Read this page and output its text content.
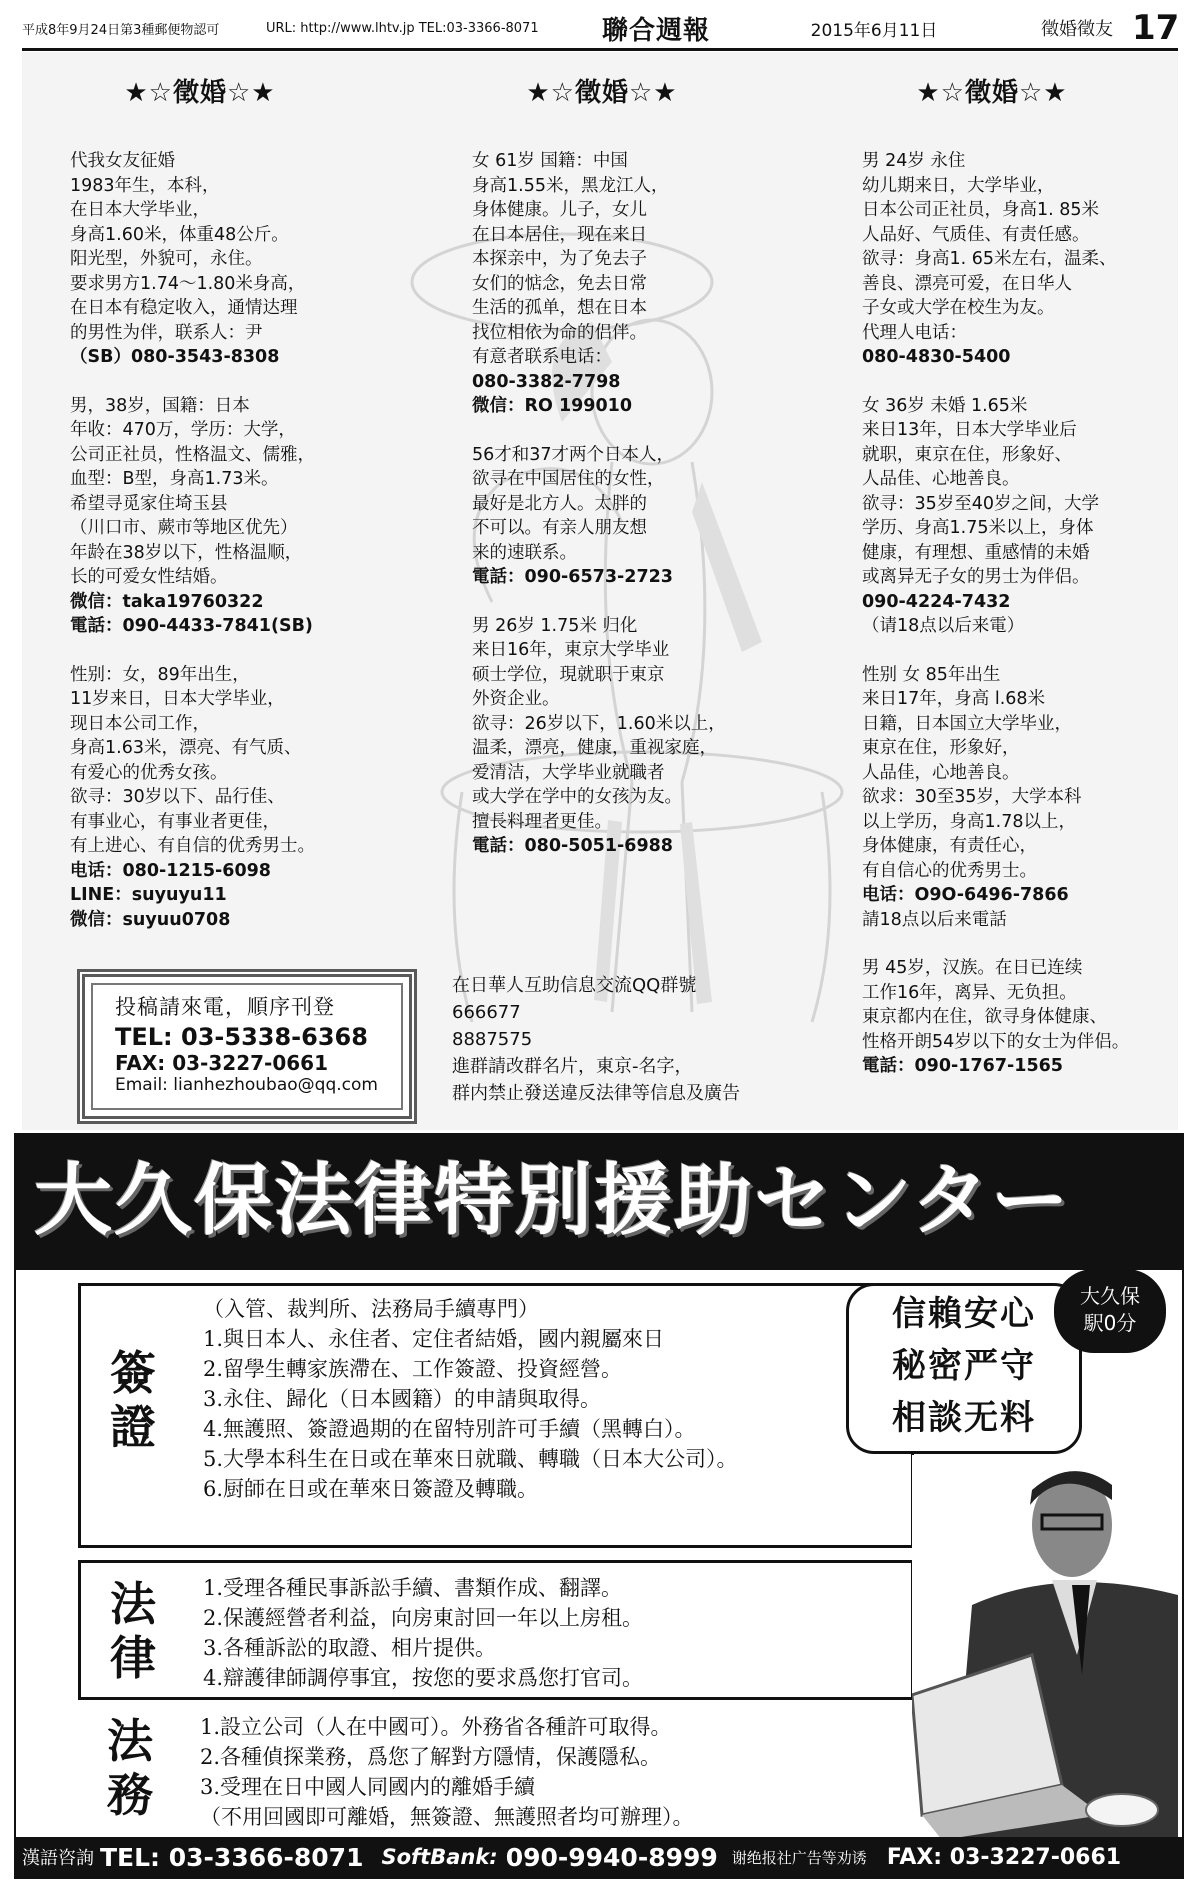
平成8年9月24日第3種郵便物認可	URL: http://www.lhtv.jp TEL:03-3366-8071	聯合週報	2015年6月11日	徵婚徵友 17
★☆徵婚☆★
代我女友征婚
1983年生，本科，
在日本大学毕业，
身高1.60米，体重48公斤。
阳光型，外貌可，永住。
要求男方1.74～1.80米身高，
在日本有稳定收入，通情达理
的男性为伴，联系人：尹
（SB）080-3543-8308
男，38岁，国籍：日本
年收：470万，学历：大学，
公司正社员，性格温文、儒雅，
血型：B型，身高1.73米。
希望寻觅家住埼玉县
（川口市、蕨市等地区优先）
年龄在38岁以下，性格温顺，
长的可爱女性结婚。
微信：taka19760322
電話：090-4433-7841(SB)
性别：女，89年出生，
11岁来日，日本大学毕业，
现日本公司工作，
身高1.63米，漂亮、有气质、
有爱心的优秀女孩。
欲寻：30岁以下、品行佳、
有事业心，有事业者更佳，
有上进心、有自信的优秀男士。
电话：080-1215-6098
LINE：suyuyu11
微信：suyuu0708
★☆徵婚☆★
女 61岁 国籍：中国
身高1.55米，黑龙江人，
身体健康。儿子，女儿
在日本居住，现在来日
本探亲中，为了免去子
女们的惦念，免去日常
生活的孤单，想在日本
找位相依为命的侣伴。
有意者联系电话：
080-3382-7798
微信：RO 199010
56才和37才两个日本人，
欲寻在中国居住的女性，
最好是北方人。太胖的
不可以。有亲人朋友想
来的速联系。
電話：090-6573-2723
男 26岁 1.75米 归化
来日16年，東京大学毕业
硕士学位，現就职于東京
外资企业。
欲寻：26岁以下，1.60米以上，
温柔，漂亮，健康，重视家庭，
爱清洁，大学毕业就職者
或大学在学中的女孩为友。
擅長料理者更佳。
電話：080-5051-6988
★☆徵婚☆★
男 24岁 永住
幼儿期来日，大学毕业，
日本公司正社员，身高1. 85米
人品好、气质佳、有责任感。
欲寻：身高1. 65米左右，温柔、
善良、漂亮可爱，在日华人
子女或大学在校生为友。
代理人电话：
080-4830-5400
女 36岁 未婚 1.65米
来日13年，日本大学毕业后
就职，東京在住，形象好、
人品佳、心地善良。
欲寻：35岁至40岁之间，大学
学历、身高1.75米以上，身体
健康，有理想、重感情的未婚
或离异无子女的男士为伴侣。
090-4224-7432
（请18点以后来電）
性别 女 85年出生
来日17年，身高 l.68米
日籍，日本国立大学毕业，
東京在住，形象好，
人品佳，心地善良。
欲求：30至35岁，大学本科
以上学历，身高1.78以上，
身体健康，有责任心，
有自信心的优秀男士。
电话：O9O-6496-7866
請18点以后来電話
男 45岁，汉族。在日已连续
工作16年，离异、无负担。
東京都内在住，欲寻身体健康、
性格开朗54岁以下的女士为伴侣。
電話：090-1767-1565
投稿請來電，順序刊登
TEL: 03-5338-6368
FAX: 03-3227-0661
Email: lianhezhoubao@qq.com
在日華人互助信息交流QQ群號
666677
8887575
進群請改群名片，東京-名字，
群内禁止發送違反法律等信息及廣告
大久保法律特別援助センター
簽
證
（入管、裁判所、法務局手續專門）
1.與日本人、永住者、定住者結婚，國内親屬來日
2.留學生轉家族滯在、工作簽證、投資經營。
3.永住、歸化（日本國籍）的申請與取得。
4.無護照、簽證過期的在留特別許可手續（黑轉白）。
5.大學本科生在日或在華來日就職、轉職（日本大公司）。
6.厨師在日或在華來日簽證及轉職。
法
律
1.受理各種民事訴訟手續、書類作成、翻譯。
2.保護經營者利益，向房東討回一年以上房租。
3.各種訴訟的取證、相片提供。
4.辯護律師調停事宜，按您的要求爲您打官司。
法
務
1.設立公司（人在中國可）。外務省各種許可取得。
2.各種偵探業務，爲您了解對方隱情，保護隱私。
3.受理在日中國人同國内的離婚手續
（不用回國即可離婚，無簽證、無護照者均可辦理）。
信賴安心
秘密严守
相談无料
大久保
駅0分
漢語咨詢 TEL: 03-3366-8071 SoftBank: 090-9940-8999 谢绝报社广告等劝诱 FAX: 03-3227-0661
